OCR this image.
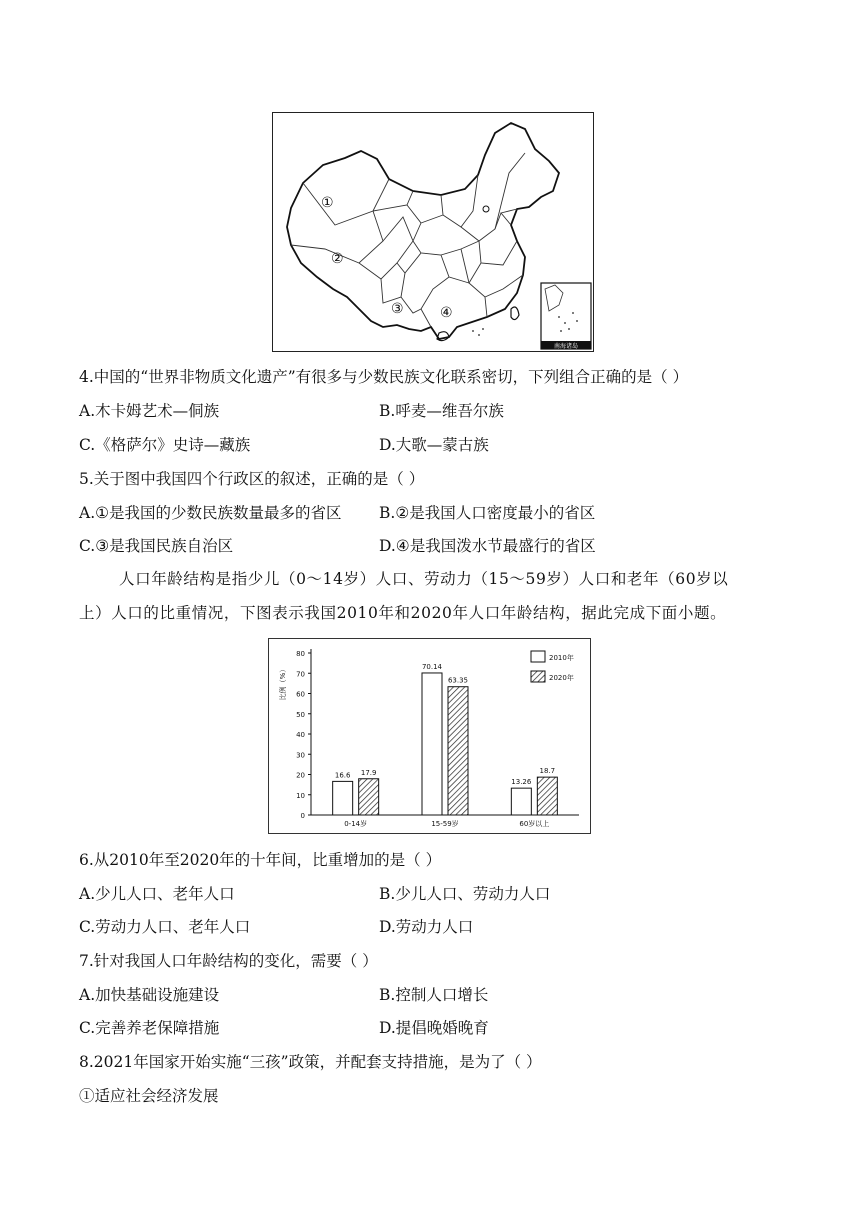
①
②
③	④
南海诸岛
4.中国的“世界非物质文化遗产”有很多与少数民族文化联系密切，下列组合正确的是（ ）
A.木卡姆艺术—侗族	B.呼麦—维吾尔族
C.《格萨尔》史诗—藏族	D.大歌—蒙古族
5.关于图中我国四个行政区的叙述，正确的是（ ）
A.①是我国的少数民族数量最多的省区 B.②是我国人口密度最小的省区
C.③是我国民族自治区	D.④是我国泼水节最盛行的省区
人口年龄结构是指少儿（0～14岁）人口、劳动力（15～59岁）人口和老年（60岁以
上）人口的比重情况，下图表示我国2010年和2020年人口年龄结构，据此完成下面小题。
0
10
20
30
40
50
60
70
80
比例（%）
16.6 17.9
0-14岁
70.14
63.35
15-59岁
13.26
18.7
60岁以上
2010年
2020年
6.从2010年至2020年的十年间，比重增加的是（ ）
A.少儿人口、老年人口	B.少儿人口、劳动力人口
C.劳动力人口、老年人口	D.劳动力人口
7.针对我国人口年龄结构的变化，需要（ ）
A.加快基础设施建设	B.控制人口增长
C.完善养老保障措施	D.提倡晚婚晚育
8.2021年国家开始实施“三孩”政策，并配套支持措施，是为了（ ）
①适应社会经济发展
